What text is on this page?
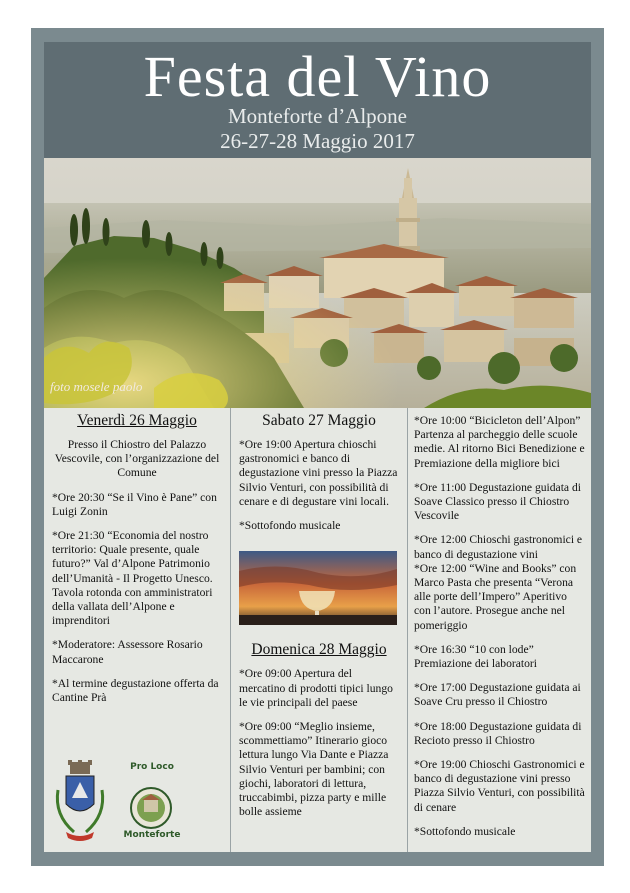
Festa del Vino
Monteforte d’Alpone
26-27-28 Maggio 2017
foto mosele paolo
Venerdì 26 Maggio

Presso il Chiostro del Palazzo Vescovile, con l’organizzazione del Comune

*Ore 20:30 “Se il Vino è Pane” con Luigi Zonin

*Ore 21:30 “Economia del nostro territorio: Quale presente, quale futuro?” Val d’Alpone Patrimonio dell’Umanità - Il Progetto Unesco. Tavola rotonda con amministratori della vallata dell’Alpone e imprenditori

*Moderatore: Assessore Rosario Maccarone

*Al termine degustazione offerta da Cantine Prà

Pro Loco
Monteforte
Sabato 27 Maggio

*Ore 19:00 Apertura chioschi gastronomici e banco di degustazione vini presso la Piazza Silvio Venturi, con possibilità di cenare e di degustare vini locali.

*Sottofondo musicale

Domenica 28 Maggio

*Ore 09:00 Apertura del mercatino di prodotti tipici lungo le vie principali del paese

*Ore 09:00 “Meglio insieme, scommettiamo” Itinerario gioco lettura lungo Via Dante e Piazza Silvio Venturi per bambini; con giochi, laboratori di lettura, truccabimbi, pizza party e mille bolle assieme

*Ore 10:00 “Bicicleton dell’Alpon” Partenza al parcheggio delle scuole medie. Al ritorno Bici Benedizione e Premiazione della migliore bici

*Ore 11:00 Degustazione guidata di Soave Classico presso il Chiostro Vescovile

*Ore 12:00 Chioschi gastronomici e banco di degustazione vini
*Ore 12:00 “Wine and Books” con Marco Pasta che presenta “Verona alle porte dell’Impero” Aperitivo con l’autore. Prosegue anche nel pomeriggio

*Ore 16:30 “10 con lode” Premiazione dei laboratori

*Ore 17:00 Degustazione guidata ai Soave Cru presso il Chiostro

*Ore 18:00 Degustazione guidata di Recioto presso il Chiostro

*Ore 19:00 Chioschi Gastronomici e banco di degustazione vini presso Piazza Silvio Venturi, con possibilità di cenare

*Sottofondo musicale
